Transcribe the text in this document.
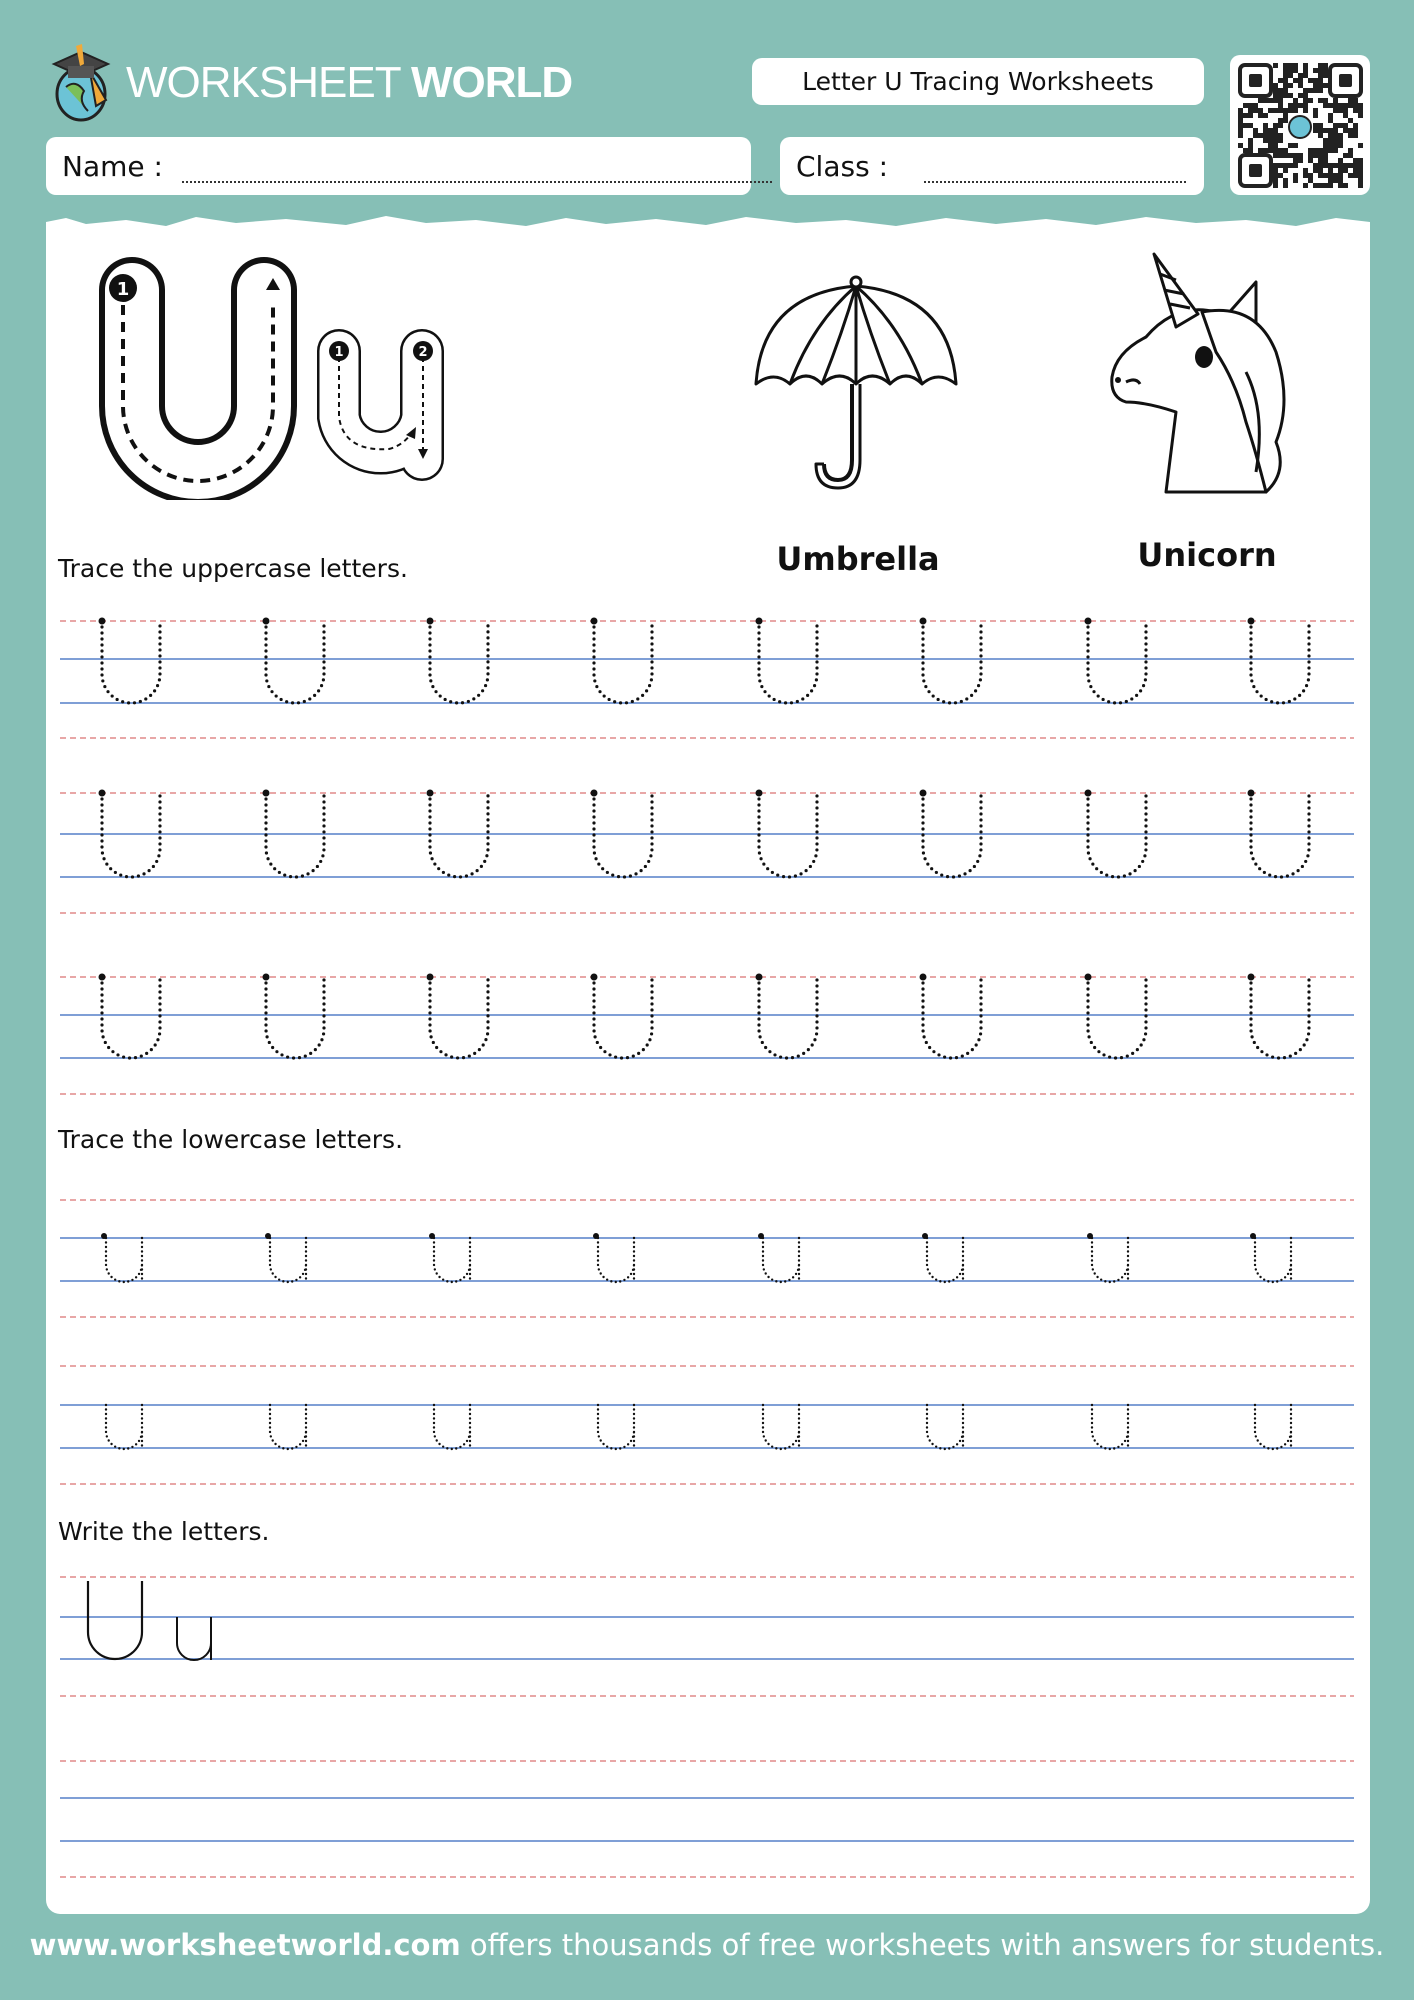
WORKSHEET WORLD	Letter U Tracing Worksheets
Name :	Class :
1
1	2
Umbrella	Unicorn
Trace the uppercase letters.
Trace the lowercase letters.
Write the letters.
www.worksheetworld.com offers thousands of free worksheets with answers for students.
